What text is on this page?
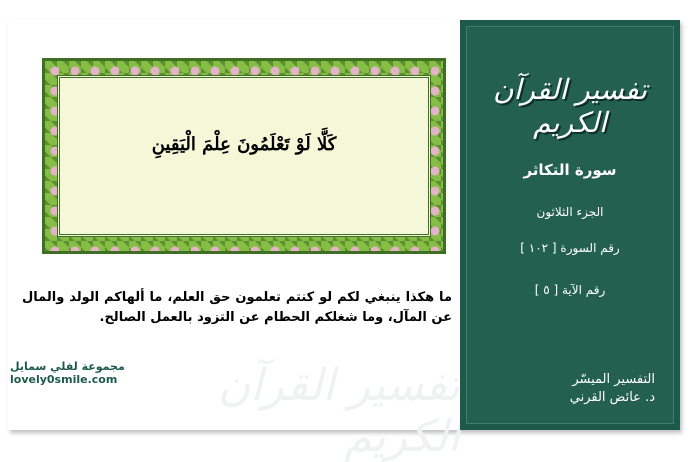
تفسير القرآن الكريم
تفسير القرآن الكريم
سورة التكاثر
الجزء الثلاثون
رقم السورة [ ١٠٢ ]
رقم الآية [ ٥ ]
التفسير الميسّر
د. عائض القرني
كَلَّا لَوْ تَعْلَمُونَ عِلْمَ الْيَقِينِ
ما هكذا ينبغي لكم لو كنتم تعلمون حق العلم، ما ألهاكم الولد والمال عن المآل، وما شغلكم الحطام عن التزود بالعمل الصالح.
مجموعة لفلي سمايل
lovely0smile.com
